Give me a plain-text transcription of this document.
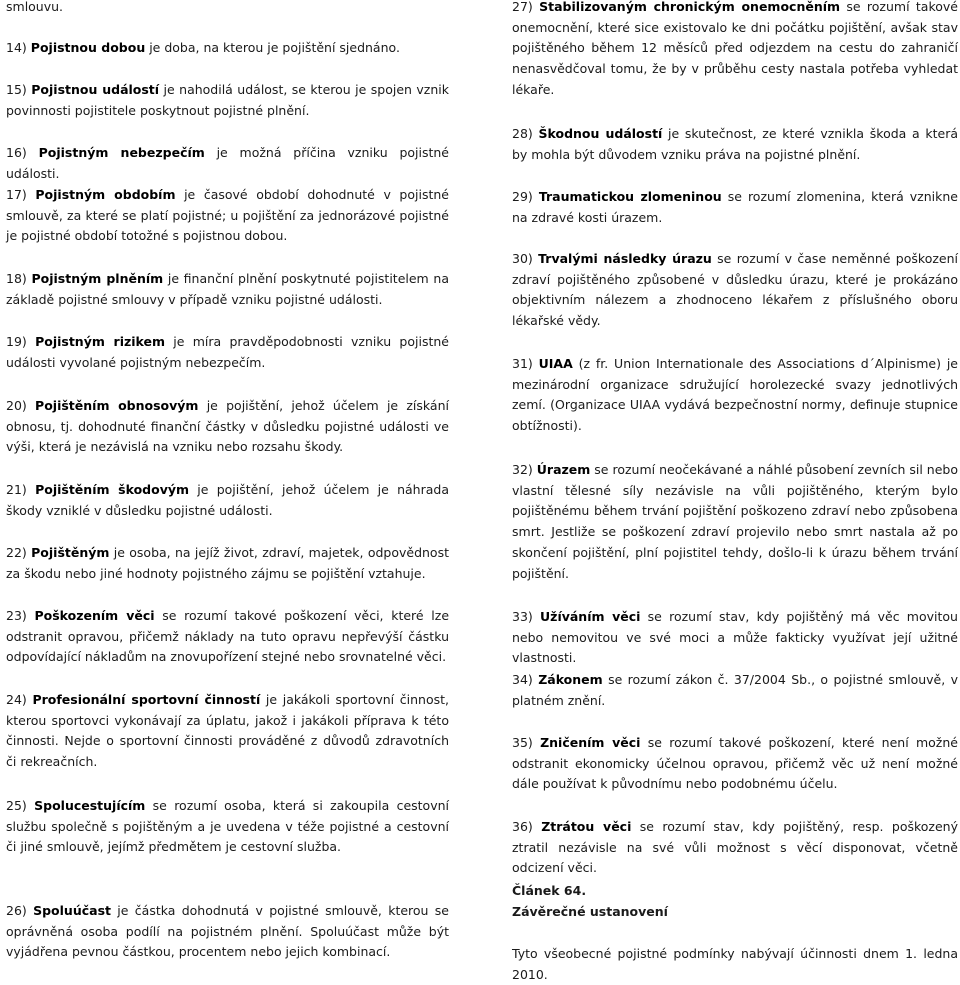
smlouvu.

14) Pojistnou dobou je doba, na kterou je pojištění sjednáno.

15) Pojistnou událostí je nahodilá událost, se kterou je spojen vznik povinnosti pojistitele poskytnout pojistné plnění.

16) Pojistným nebezpečím je možná příčina vzniku pojistné události.

17) Pojistným obdobím je časové období dohodnuté v pojistné smlouvě, za které se platí pojistné; u pojištění za jednorázové pojistné je pojistné období totožné s pojistnou dobou.

18) Pojistným plněním je finanční plnění poskytnuté pojistitelem na základě pojistné smlouvy v případě vzniku pojistné události.

19) Pojistným rizikem je míra pravděpodobnosti vzniku pojistné události vyvolané pojistným nebezpečím.

20) Pojištěním obnosovým je pojištění, jehož účelem je získání obnosu, tj. dohodnuté finanční částky v důsledku pojistné události ve výši, která je nezávislá na vzniku nebo rozsahu škody.

21) Pojištěním škodovým je pojištění, jehož účelem je náhrada škody vzniklé v důsledku pojistné události.

22) Pojištěným je osoba, na jejíž život, zdraví, majetek, odpovědnost za škodu nebo jiné hodnoty pojistného zájmu se pojištění vztahuje.

23) Poškozením věci se rozumí takové poškození věci, které lze odstranit opravou, přičemž náklady na tuto opravu nepřevýší částku odpovídající nákladům na znovupořízení stejné nebo srovnatelné věci.

24) Profesionální sportovní činností je jakákoli sportovní činnost, kterou sportovci vykonávají za úplatu, jakož i jakákoli příprava k této činnosti. Nejde o sportovní činnosti prováděné z důvodů zdravotních či rekreačních.

25) Spolucestujícím se rozumí osoba, která si zakoupila cestovní službu společně s pojištěným a je uvedena v téže pojistné a cestovní či jiné smlouvě, jejímž předmětem je cestovní služba.

26) Spoluúčast je částka dohodnutá v pojistné smlouvě, kterou se oprávněná osoba podílí na pojistném plnění. Spoluúčast může být vyjádřena pevnou částkou, procentem nebo jejich kombinací.

27) Stabilizovaným chronickým onemocněním se rozumí takové onemocnění, které sice existovalo ke dni počátku pojištění, avšak stav pojištěného během 12 měsíců před odjezdem na cestu do zahraničí nenasvědčoval tomu, že by v průběhu cesty nastala potřeba vyhledat lékaře.

28) Škodnou událostí je skutečnost, ze které vznikla škoda a která by mohla být důvodem vzniku práva na pojistné plnění.

29) Traumatickou zlomeninou se rozumí zlomenina, která vznikne na zdravé kosti úrazem.

30) Trvalými následky úrazu se rozumí v čase neměnné poškození zdraví pojištěného způsobené v důsledku úrazu, které je prokázáno objektivním nálezem a zhodnoceno lékařem z příslušného oboru lékařské vědy.

31) UIAA (z fr. Union Internationale des Associations d´Alpinisme) je mezinárodní organizace sdružující horolezecké svazy jednotlivých zemí. (Organizace UIAA vydává bezpečnostní normy, definuje stupnice obtížnosti).

32) Úrazem se rozumí neočekávané a náhlé působení zevních sil nebo vlastní tělesné síly nezávisle na vůli pojištěného, kterým bylo pojištěnému během trvání pojištění poškozeno zdraví nebo způsobena smrt. Jestliže se poškození zdraví projevilo nebo smrt nastala až po skončení pojištění, plní pojistitel tehdy, došlo-li k úrazu během trvání pojištění.

33) Užíváním věci se rozumí stav, kdy pojištěný má věc movitou nebo nemovitou ve své moci a může fakticky využívat její užitné vlastnosti.

34) Zákonem se rozumí zákon č. 37/2004 Sb., o pojistné smlouvě, v platném znění.

35) Zničením věci se rozumí takové poškození, které není možné odstranit ekonomicky účelnou opravou, přičemž věc už není možné dále používat k původnímu nebo podobnému účelu.

36) Ztrátou věci se rozumí stav, kdy pojištěný, resp. poškozený ztratil nezávisle na své vůli možnost s věcí disponovat, včetně odcizení věci.

Článek 64.

Závěrečné ustanovení

Tyto všeobecné pojistné podmínky nabývají účinnosti dnem 1. ledna 2010.
